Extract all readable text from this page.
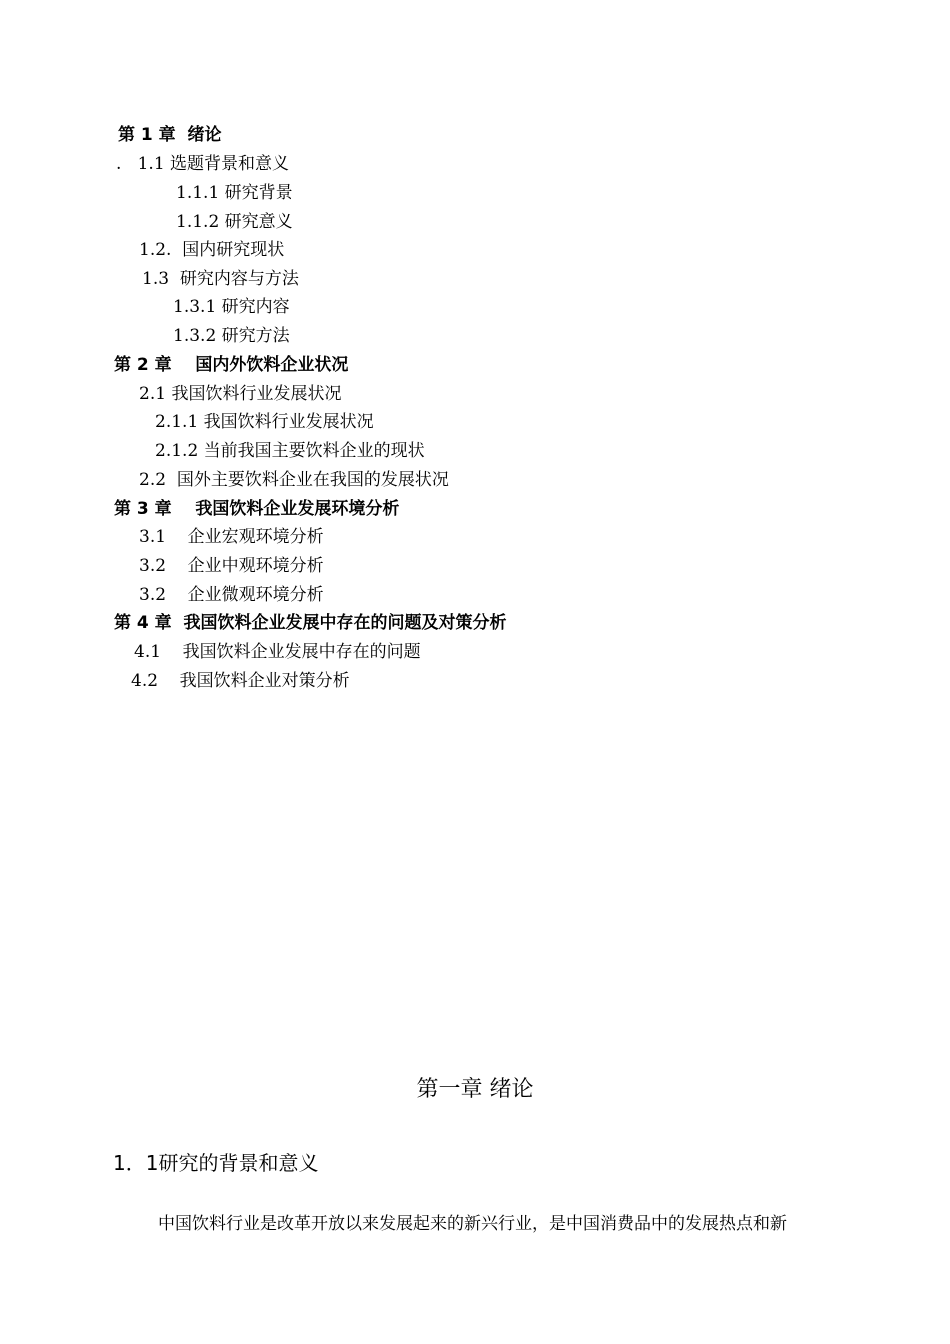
第 1 章  绪论
.   1.1 选题背景和意义
1.1.1 研究背景
1.1.2 研究意义
1.2.  国内研究现状
1.3  研究内容与方法
1.3.1 研究内容
1.3.2 研究方法
第 2 章    国内外饮料企业状况
2.1 我国饮料行业发展状况
2.1.1 我国饮料行业发展状况
2.1.2 当前我国主要饮料企业的现状
2.2  国外主要饮料企业在我国的发展状况
第 3 章    我国饮料企业发展环境分析
3.1    企业宏观环境分析
3.2    企业中观环境分析
3.2    企业微观环境分析
第 4 章  我国饮料企业发展中存在的问题及对策分析
4.1    我国饮料企业发展中存在的问题
4.2    我国饮料企业对策分析
第一章 绪论
1．1研究的背景和意义
中国饮料行业是改革开放以来发展起来的新兴行业，是中国消费品中的发展热点和新
